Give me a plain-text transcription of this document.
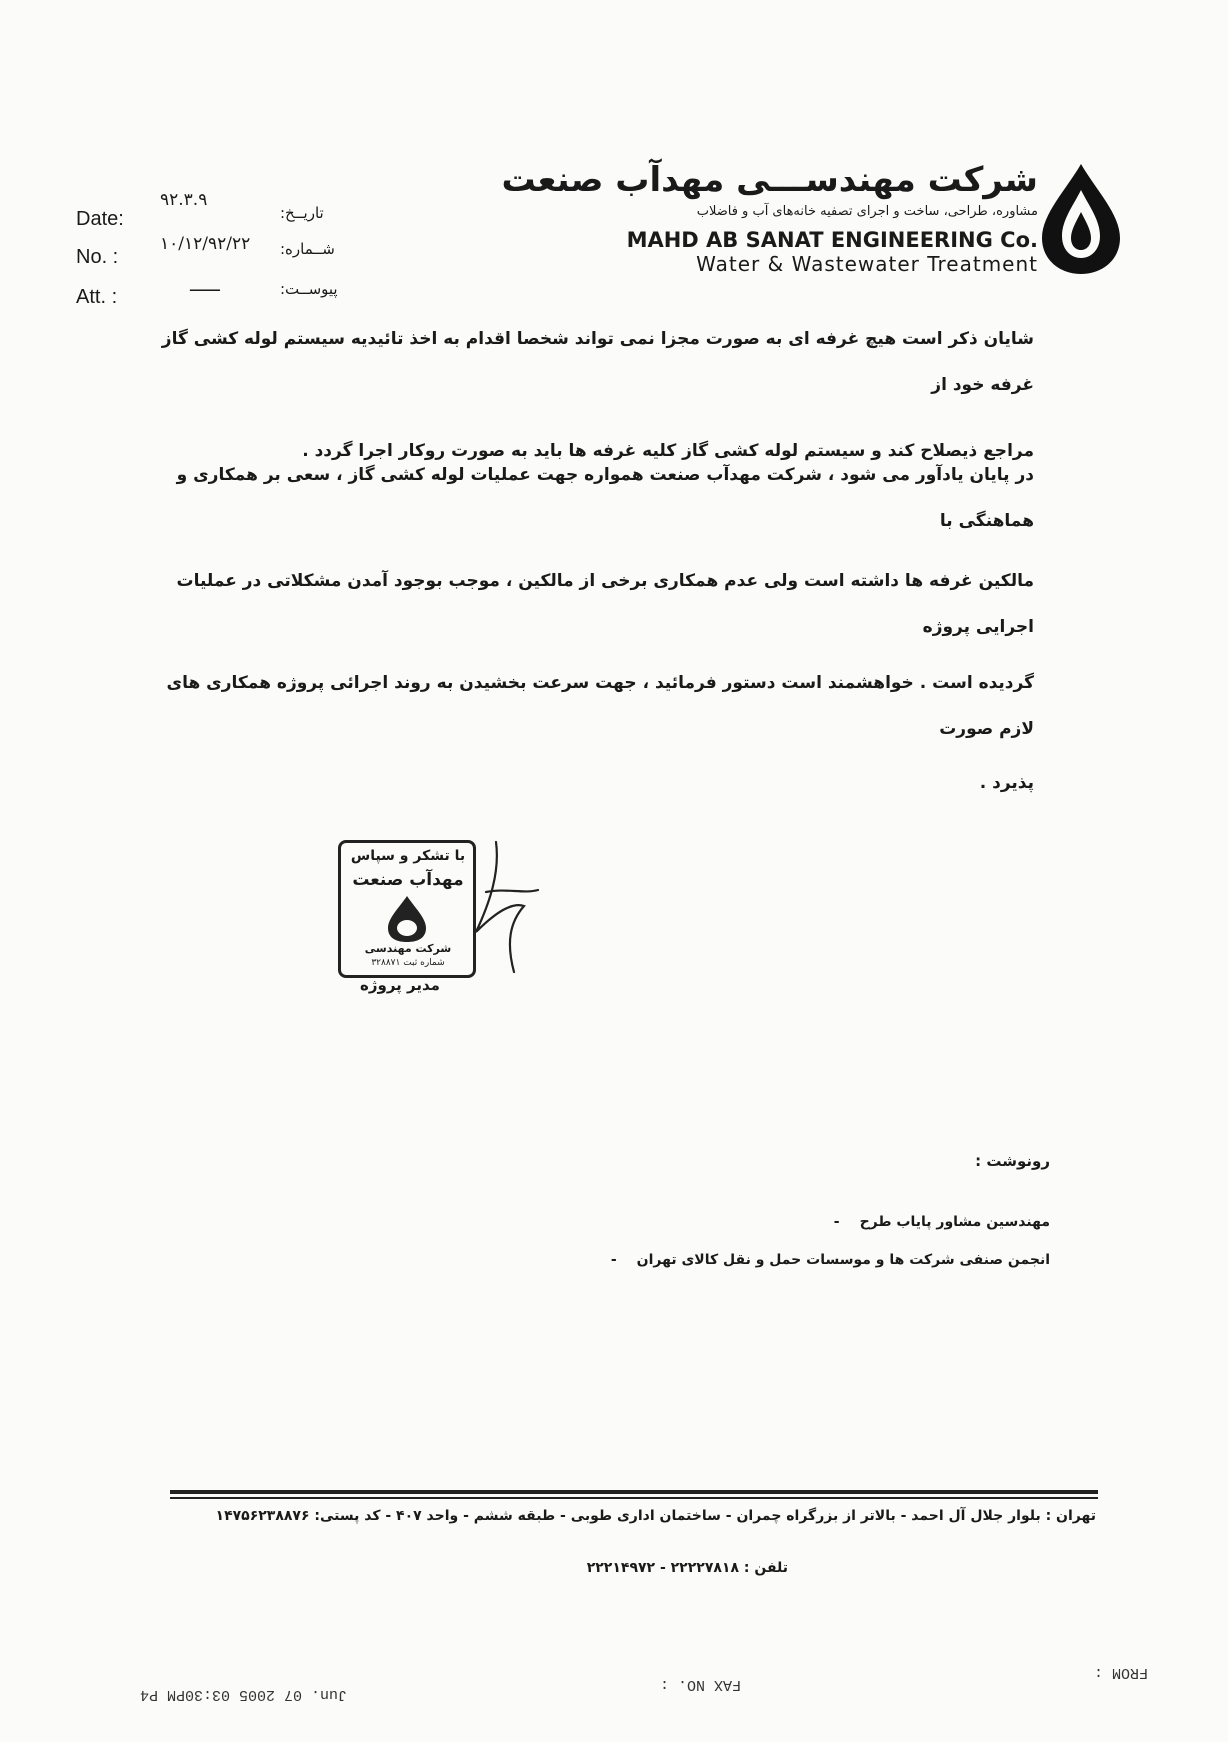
شرکت مهندســـی مهدآب صنعت
مشاوره، طراحی، ساخت و اجرای تصفیه خانه‌های آب و فاضلاب
MAHD AB SANAT ENGINEERING Co.
Water & Wastewater Treatment
Date:
۹۲.۳.۹
تاریــخ:
No. :
۱۰/۱۲/۹۲/۲۲ شــماره:
Att. :	ــــــ	پیوســت:

شایان ذکر است هیچ غرفه ای به صورت مجزا نمی تواند شخصا اقدام به اخذ تائیدیه سیستم لوله کشی گاز غرفه خود از

مراجع ذیصلاح کند و سیستم لوله کشی گاز کلیه غرفه ها باید به صورت روکار اجرا گردد .

در پایان یادآور می شود ، شرکت مهدآب صنعت همواره جهت عملیات لوله کشی گاز ، سعی بر همکاری و هماهنگی با

مالکین غرفه ها داشته است ولی عدم همکاری برخی از مالکین ، موجب بوجود آمدن مشکلاتی در عملیات اجرایی پروژه

گردیده است . خواهشمند است دستور فرمائید ، جهت سرعت بخشیدن به روند اجرائی پروژه همکاری های لازم صورت

پذیرد .

با تشکر و سپاس
مهدآب صنعت
شرکت مهندسی
شماره ثبت ۳۲۸۸۷۱
مدیر پروژه
رونوشت :
مهندسین مشاور پایاب طرح-
انجمن صنفی شرکت ها و موسسات حمل و نقل کالای تهران-
تهران : بلوار جلال آل احمد - بالاتر از بزرگراه چمران - ساختمان اداری طوبی - طبقه ششم - واحد ۴۰۷ - کد پستی: ۱۴۷۵۶۲۳۸۸۷۶
تلفن : ۲۲۲۲۷۸۱۸ - ۲۲۲۱۴۹۷۲
FROM :
FAX NO. :
Jun. 07 2005 03:30PM P4
